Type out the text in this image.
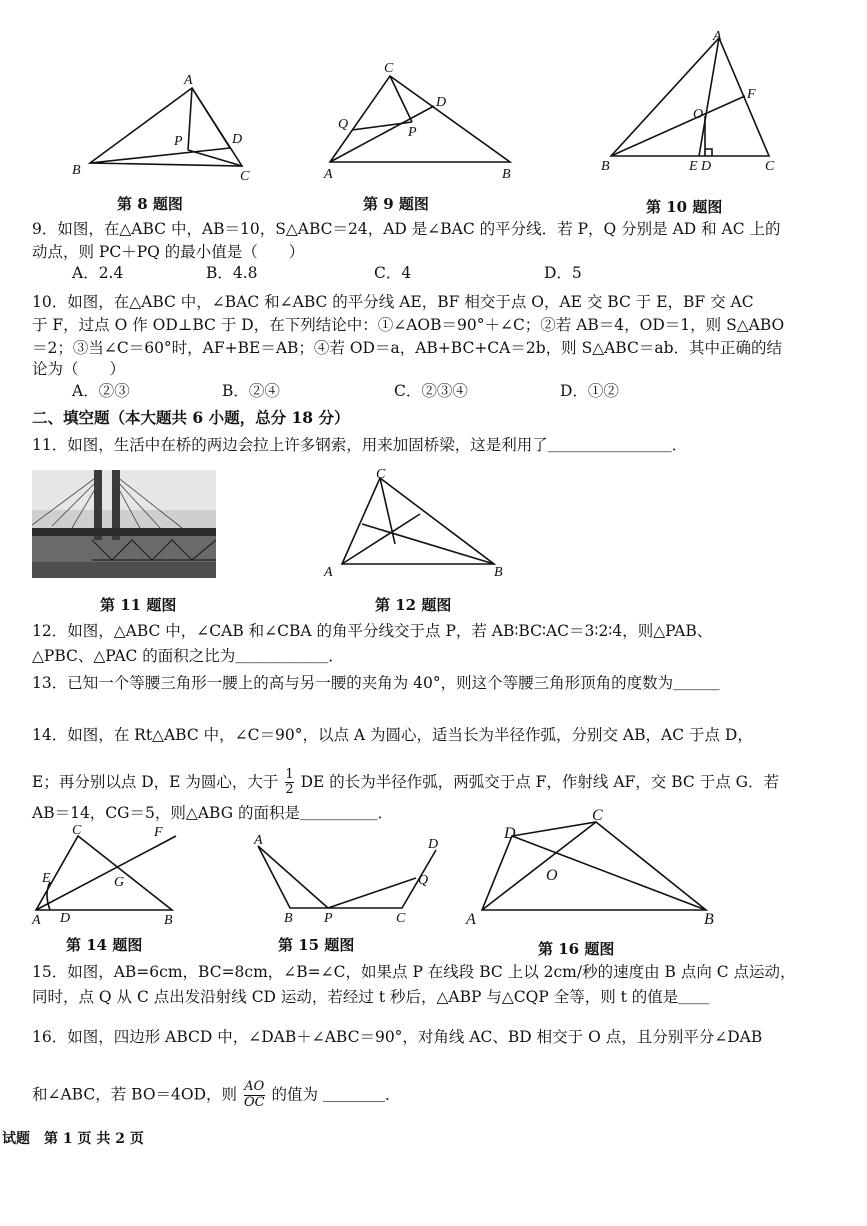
A
B	C
D
P
第 8 题图
C
D
Q
P
A	B
第 9 题图
A
F
O
B	E D	C
第 10 题图
9．如图，在△ABC 中，AB＝10，S△ABC＝24，AD 是∠BAC 的平分线．若 P，Q 分别是 AD 和 AC 上的
动点，则 PC＋PQ 的最小值是（　　）
A．2.4	B．4.8	C．4	D．5
10．如图，在△ABC 中，∠BAC 和∠ABC 的平分线 AE，BF 相交于点 O，AE 交 BC 于 E，BF 交 AC
于 F，过点 O 作 OD⊥BC 于 D，在下列结论中：①∠AOB＝90°＋∠C；②若 AB＝4，OD＝1，则 S△ABO
＝2；③当∠C＝60°时，AF+BE＝AB；④若 OD＝a，AB+BC+CA＝2b，则 S△ABC＝ab．其中正确的结
论为（　　）
A．②③	B．②④	C．②③④	D．①②
二、填空题（本大题共 6 小题，总分 18 分）
11．如图，生活中在桥的两边会拉上许多钢索，用来加固桥梁，这是利用了＿＿＿＿＿＿＿＿．
C
A	B
第 11 题图	第 12 题图
12．如图，△ABC 中，∠CAB 和∠CBA 的角平分线交于点 P，若 AB∶BC∶AC＝3∶2∶4，则△PAB、
△PBC、△PAC 的面积之比为＿＿＿＿＿＿．
13．已知一个等腰三角形一腰上的高与另一腰的夹角为 40°，则这个等腰三角形顶角的度数为＿＿＿
14．如图，在 Rt△ABC 中，∠C＝90°，以点 A 为圆心，适当长为半径作弧，分别交 AB，AC 于点 D，
E；再分别以点 D，E 为圆心，大于 $\frac{1}{2}$ DE 的长为半径作弧，两弧交于点 F，作射线 AF，交 BC 于点 G．若
AB＝14，CG＝5，则△ABG 的面积是＿＿＿＿＿．
C	F
E	G
A D	B
第 14 题图
A	D
Q
B P	C
第 15 题图
D
C
O
A	B
第 16 题图
15．如图，AB=6cm，BC=8cm，∠B=∠C，如果点 P 在线段 BC 上以 2cm/秒的速度由 B 点向 C 点运动，
同时，点 Q 从 C 点出发沿射线 CD 运动，若经过 t 秒后，△ABP 与△CQP 全等，则 t 的值是＿＿
16．如图，四边形 ABCD 中，∠DAB＋∠ABC＝90°，对角线 AC、BD 相交于 O 点，且分别平分∠DAB
和∠ABC，若 BO＝4OD，则 $\frac{AO}{OC}$ 的值为 ＿＿＿＿．
试题　第 1 页 共 2 页
